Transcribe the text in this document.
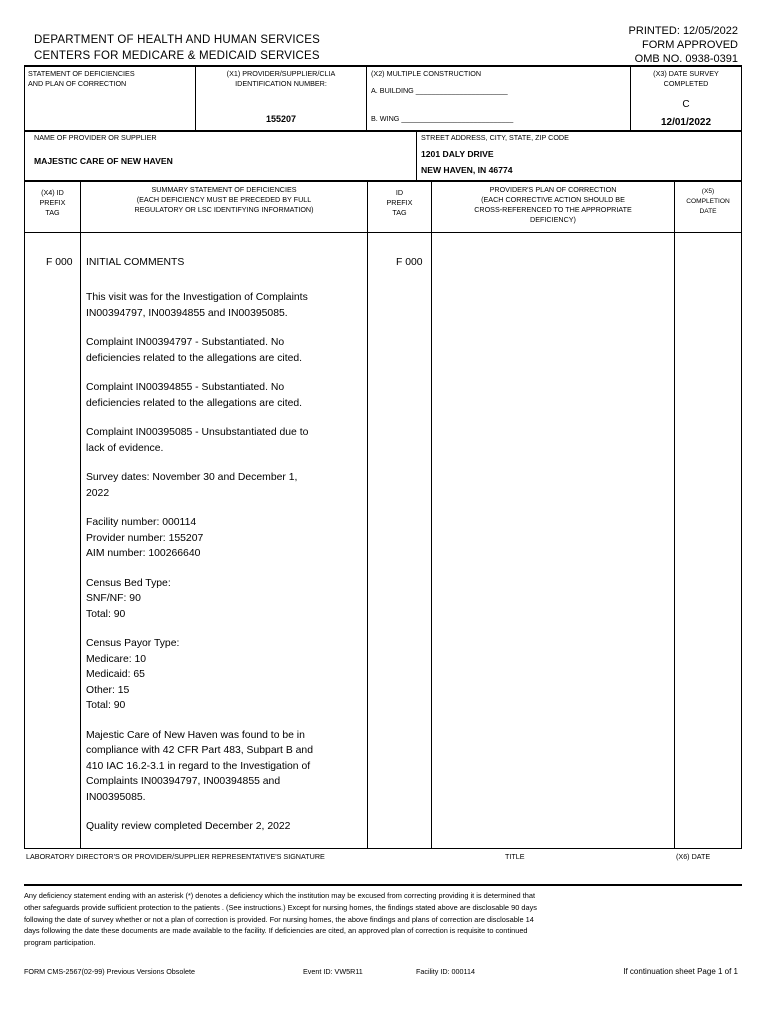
DEPARTMENT OF HEALTH AND HUMAN SERVICES
CENTERS FOR MEDICARE & MEDICAID SERVICES
PRINTED: 12/05/2022
FORM APPROVED
OMB NO. 0938-0391
STATEMENT OF DEFICIENCIES
AND PLAN OF CORRECTION
(X1) PROVIDER/SUPPLIER/CLIA
IDENTIFICATION NUMBER:
155207
(X2) MULTIPLE CONSTRUCTION
A. BUILDING _______________________
B. WING ____________________________
(X3) DATE SURVEY
COMPLETED
C
12/01/2022
NAME OF PROVIDER OR SUPPLIER
MAJESTIC CARE OF NEW HAVEN
STREET ADDRESS, CITY, STATE, ZIP CODE
1201 DALY DRIVE
NEW HAVEN, IN 46774
(X4) ID
PREFIX
TAG
SUMMARY STATEMENT OF DEFICIENCIES
(EACH DEFICIENCY MUST BE PRECEDED BY FULL
REGULATORY OR LSC IDENTIFYING INFORMATION)
ID
PREFIX
TAG
PROVIDER'S PLAN OF CORRECTION
(EACH CORRECTIVE ACTION SHOULD BE
CROSS-REFERENCED TO THE APPROPRIATE
DEFICIENCY)
(X5)
COMPLETION
DATE
F 000 INITIAL COMMENTS	F 000

This visit was for the Investigation of Complaints
IN00394797, IN00394855 and IN00395085.

Complaint IN00394797 - Substantiated. No
deficiencies related to the allegations are cited.

Complaint IN00394855 - Substantiated. No
deficiencies related to the allegations are cited.

Complaint IN00395085 - Unsubstantiated due to
lack of evidence.

Survey dates: November 30 and December 1,
2022

Facility number: 000114
Provider number: 155207
AIM number: 100266640

Census Bed Type:
SNF/NF: 90
Total: 90

Census Payor Type:
Medicare: 10
Medicaid: 65
Other: 15
Total: 90

Majestic Care of New Haven was found to be in
compliance with 42 CFR Part 483, Subpart B and
410 IAC 16.2-3.1 in regard to the Investigation of
Complaints IN00394797, IN00394855 and
IN00395085.

Quality review completed December 2, 2022

LABORATORY DIRECTOR'S OR PROVIDER/SUPPLIER REPRESENTATIVE'S SIGNATURE	TITLE	(X6) DATE
Any deficiency statement ending with an asterisk (*) denotes a deficiency which the institution may be excused from correcting providing it is determined that
other safeguards provide sufficient protection to the patients . (See instructions.) Except for nursing homes, the findings stated above are disclosable 90 days
following the date of survey whether or not a plan of correction is provided. For nursing homes, the above findings and plans of correction are disclosable 14
days following the date these documents are made available to the facility. If deficiencies are cited, an approved plan of correction is requisite to continued
program participation.
FORM CMS-2567(02-99) Previous Versions Obsolete	Event ID: VW5R11	Facility ID: 000114	If continuation sheet Page 1 of 1
